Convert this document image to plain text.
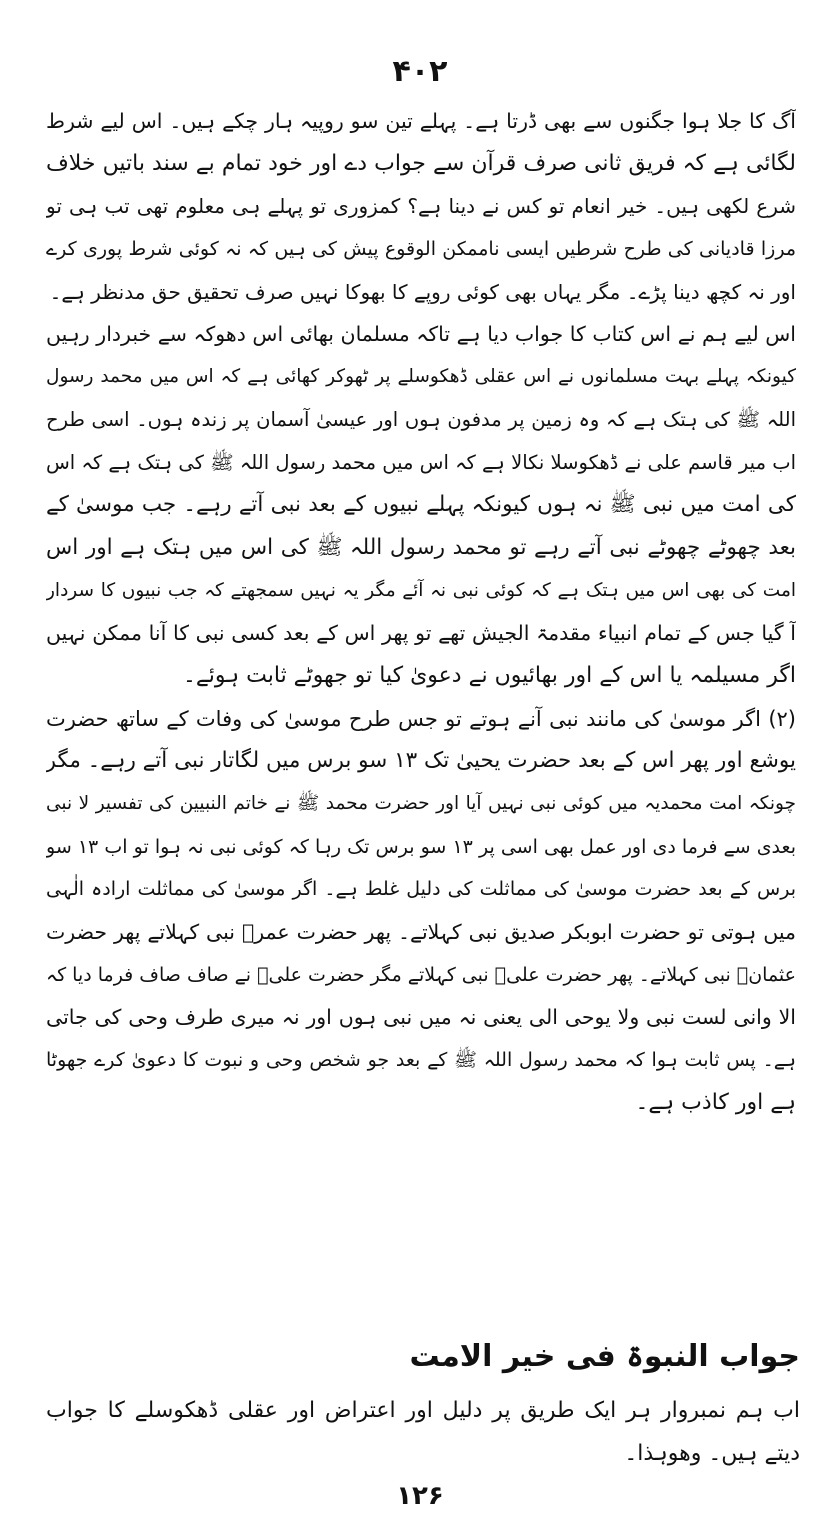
۴۰۲
آگ کا جلا ہوا جگنوں سے بھی ڈرتا ہے۔ پہلے تین سو روپیہ ہار چکے ہیں۔ اس لیے شرط
لگائی ہے کہ فریق ثانی صرف قرآن سے جواب دے اور خود تمام بے سند باتیں خلاف
شرع لکھی ہیں۔ خیر انعام تو کس نے دینا ہے؟ کمزوری تو پہلے ہی معلوم تھی تب ہی تو
مرزا قادیانی کی طرح شرطیں ایسی ناممکن الوقوع پیش کی ہیں کہ نہ کوئی شرط پوری کرے
اور نہ کچھ دینا پڑے۔ مگر یہاں بھی کوئی روپے کا بھوکا نہیں صرف تحقیق حق مدنظر ہے۔
اس لیے ہم نے اس کتاب کا جواب دیا ہے تاکہ مسلمان بھائی اس دھوکہ سے خبردار رہیں
کیونکہ پہلے بہت مسلمانوں نے اس عقلی ڈھکوسلے پر ٹھوکر کھائی ہے کہ اس میں محمد رسول
اللہ ﷺ کی ہتک ہے کہ وہ زمین پر مدفون ہوں اور عیسیٰ آسمان پر زندہ ہوں۔ اسی طرح
اب میر قاسم علی نے ڈھکوسلا نکالا ہے کہ اس میں محمد رسول اللہ ﷺ کی ہتک ہے کہ اس
کی امت میں نبی ﷺ نہ ہوں کیونکہ پہلے نبیوں کے بعد نبی آتے رہے۔ جب موسیٰ کے
بعد چھوٹے چھوٹے نبی آتے رہے تو محمد رسول اللہ ﷺ کی اس میں ہتک ہے اور اس
امت کی بھی اس میں ہتک ہے کہ کوئی نبی نہ آئے مگر یہ نہیں سمجھتے کہ جب نبیوں کا سردار
آ گیا جس کے تمام انبیاء مقدمۃ الجیش تھے تو پھر اس کے بعد کسی نبی کا آنا ممکن نہیں
اگر مسیلمہ یا اس کے اور بھائیوں نے دعویٰ کیا تو جھوٹے ثابت ہوئے۔
(۲) اگر موسیٰ کی مانند نبی آنے ہوتے تو جس طرح موسیٰ کی وفات کے ساتھ حضرت
یوشع اور پھر اس کے بعد حضرت یحییٰ تک ۱۳ سو برس میں لگاتار نبی آتے رہے۔ مگر
چونکہ امت محمدیہ میں کوئی نبی نہیں آیا اور حضرت محمد ﷺ نے خاتم النبیین کی تفسیر لا نبی
بعدی سے فرما دی اور عمل بھی اسی پر ۱۳ سو برس تک رہا کہ کوئی نبی نہ ہوا تو اب ۱۳ سو
برس کے بعد حضرت موسیٰ کی مماثلت کی دلیل غلط ہے۔ اگر موسیٰ کی مماثلت ارادہ الٰہی
میں ہوتی تو حضرت ابوبکر صدیق نبی کہلاتے۔ پھر حضرت عمرؓ نبی کہلاتے پھر حضرت
عثمانؓ نبی کہلاتے۔ پھر حضرت علیؓ نبی کہلاتے مگر حضرت علیؓ نے صاف صاف فرما دیا کہ
الا وانی لست نبی ولا یوحی الی یعنی نہ میں نبی ہوں اور نہ میری طرف وحی کی جاتی
ہے۔ پس ثابت ہوا کہ محمد رسول اللہ ﷺ کے بعد جو شخص وحی و نبوت کا دعویٰ کرے جھوٹا
ہے اور کاذب ہے۔
جواب النبوۃ فی خیر الامت
اب ہم نمبروار ہر ایک طریق پر دلیل اور اعتراض اور عقلی ڈھکوسلے کا جواب
دیتے ہیں۔ وھوہذا۔
۱۲۶
